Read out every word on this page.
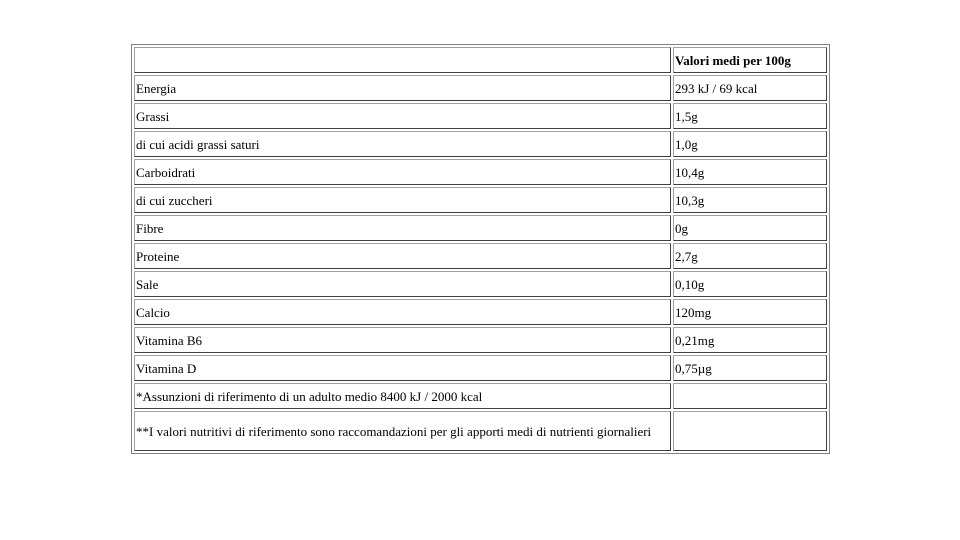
	Valori medi per 100g
Energia	293 kJ / 69 kcal
Grassi	1,5g
di cui acidi grassi saturi	1,0g
Carboidrati	10,4g
di cui zuccheri	10,3g
Fibre	0g
Proteine	2,7g
Sale	0,10g
Calcio	120mg
Vitamina B6	0,21mg
Vitamina D	0,75µg
*Assunzioni di riferimento di un adulto medio 8400 kJ / 2000 kcal	
**I valori nutritivi di riferimento sono raccomandazioni per gli apporti medi di nutrienti giornalieri	
